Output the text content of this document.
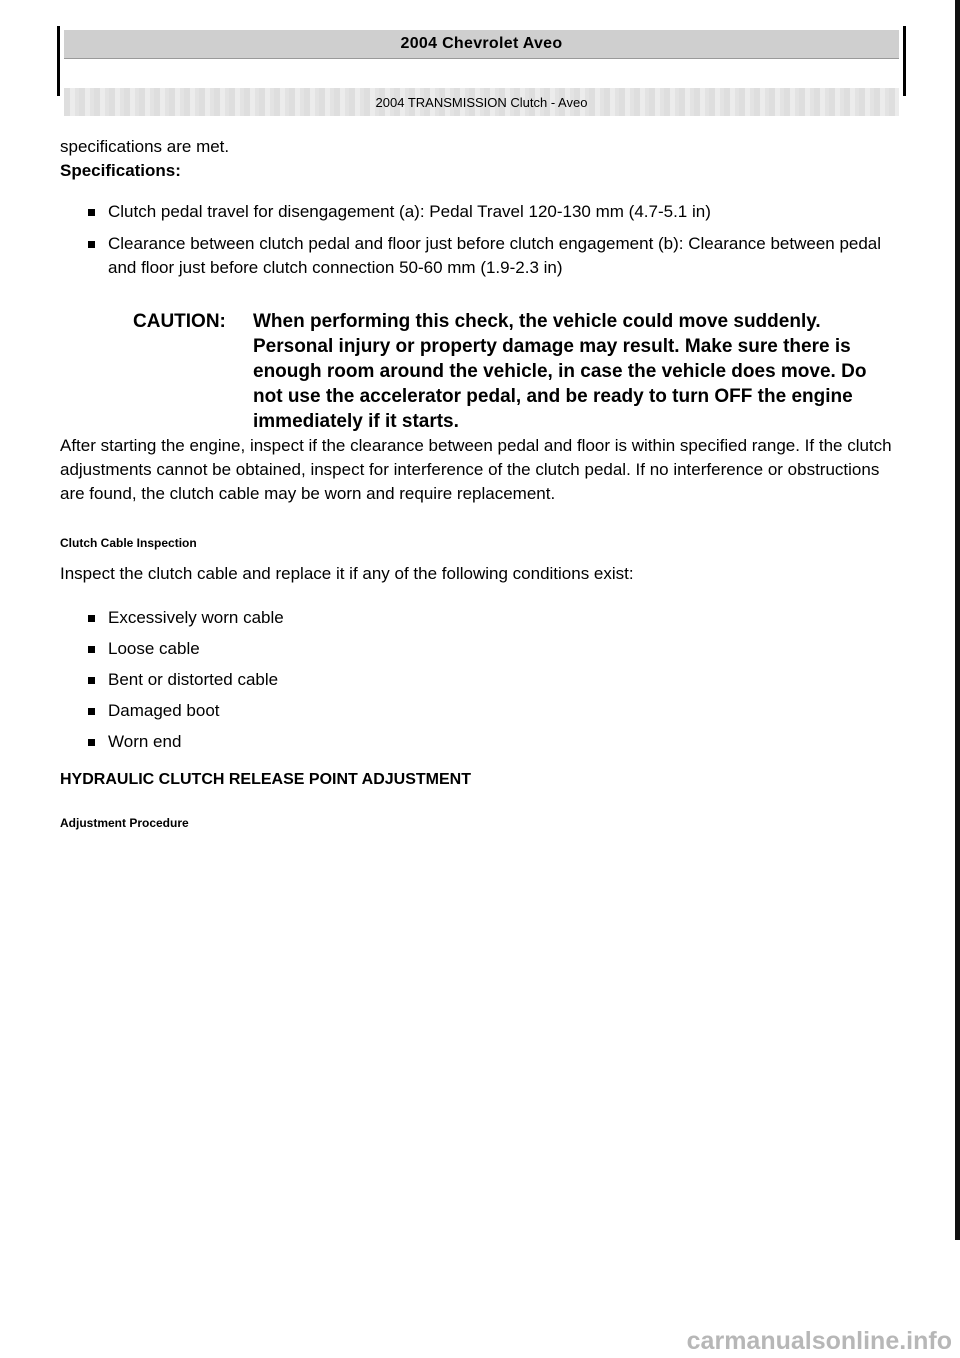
2004 Chevrolet Aveo
2004 TRANSMISSION Clutch - Aveo

specifications are met.

Specifications:

Clutch pedal travel for disengagement (a): Pedal Travel 120-130 mm (4.7-5.1 in)
Clearance between clutch pedal and floor just before clutch engagement (b): Clearance between pedal and floor just before clutch connection 50-60 mm (1.9-2.3 in)
CAUTION:	When performing this check, the vehicle could move suddenly. Personal injury or property damage may result. Make sure there is enough room around the vehicle, in case the vehicle does move. Do not use the accelerator pedal, and be ready to turn OFF the engine immediately if it starts.

After starting the engine, inspect if the clearance between pedal and floor is within specified range. If the clutch adjustments cannot be obtained, inspect for interference of the clutch pedal. If no interference or obstructions are found, the clutch cable may be worn and require replacement.

Clutch Cable Inspection

Inspect the clutch cable and replace it if any of the following conditions exist:

Excessively worn cable
Loose cable
Bent or distorted cable
Damaged boot
Worn end

HYDRAULIC CLUTCH RELEASE POINT ADJUSTMENT

Adjustment Procedure

carmanualsonline.info
